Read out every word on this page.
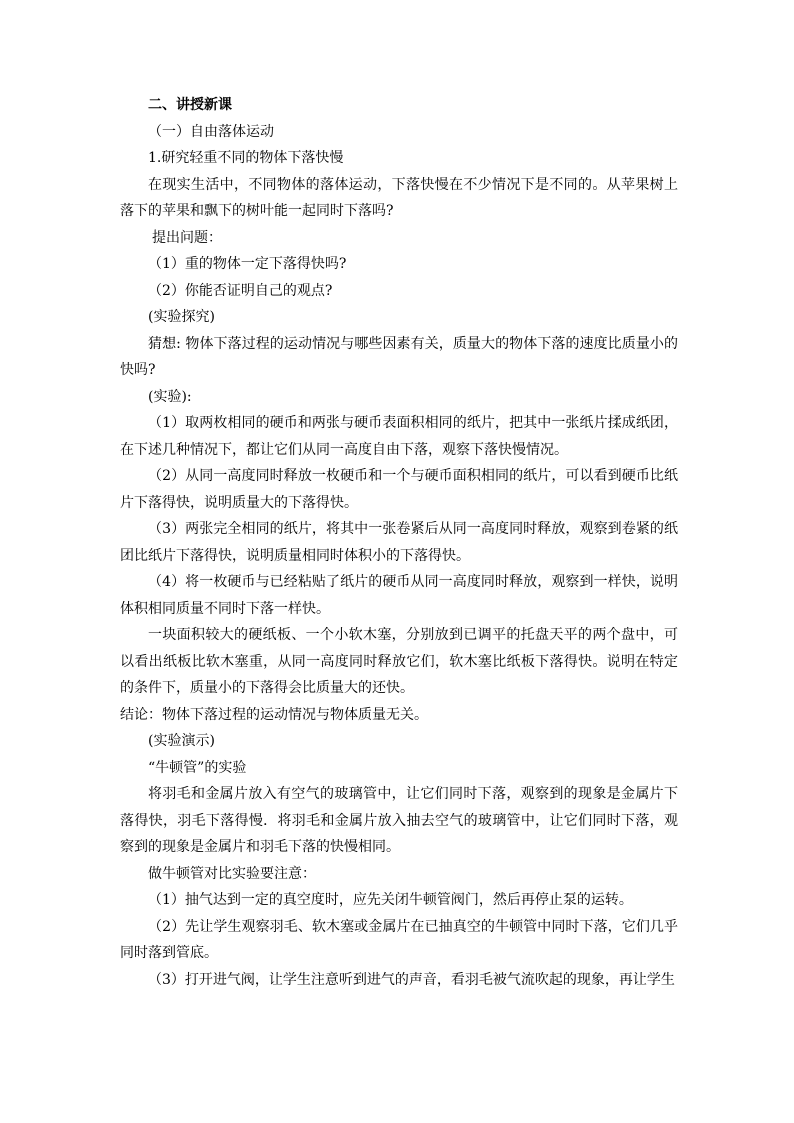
二、讲授新课

（一）自由落体运动

1.研究轻重不同的物体下落快慢

在现实生活中，不同物体的落体运动，下落快慢在不少情况下是不同的。从苹果树上落下的苹果和飘下的树叶能一起同时下落吗?

提出问题：

（1）重的物体一定下落得快吗?

（2）你能否证明自己的观点?

(实验探究)

猜想: 物体下落过程的运动情况与哪些因素有关，质量大的物体下落的速度比质量小的快吗?

(实验):

（1）取两枚相同的硬币和两张与硬币表面积相同的纸片，把其中一张纸片揉成纸团，在下述几种情况下，都让它们从同一高度自由下落，观察下落快慢情况。

（2）从同一高度同时释放一枚硬币和一个与硬币面积相同的纸片，可以看到硬币比纸片下落得快，说明质量大的下落得快。

（3）两张完全相同的纸片，将其中一张卷紧后从同一高度同时释放，观察到卷紧的纸团比纸片下落得快，说明质量相同时体积小的下落得快。

（4）将一枚硬币与已经粘贴了纸片的硬币从同一高度同时释放，观察到一样快，说明体积相同质量不同时下落一样快。

一块面积较大的硬纸板、一个小软木塞，分别放到已调平的托盘天平的两个盘中，可以看出纸板比软木塞重，从同一高度同时释放它们，软木塞比纸板下落得快。说明在特定的条件下，质量小的下落得会比质量大的还快。

结论：物体下落过程的运动情况与物体质量无关。

(实验演示)

“牛顿管”的实验

将羽毛和金属片放入有空气的玻璃管中，让它们同时下落，观察到的现象是金属片下落得快，羽毛下落得慢．将羽毛和金属片放入抽去空气的玻璃管中，让它们同时下落，观察到的现象是金属片和羽毛下落的快慢相同。

做牛顿管对比实验要注意：

（1）抽气达到一定的真空度时，应先关闭牛顿管阀门，然后再停止泵的运转。

（2）先让学生观察羽毛、软木塞或金属片在已抽真空的牛顿管中同时下落，它们几乎同时落到管底。

（3）打开进气阀，让学生注意听到进气的声音，看羽毛被气流吹起的现象，再让学生
